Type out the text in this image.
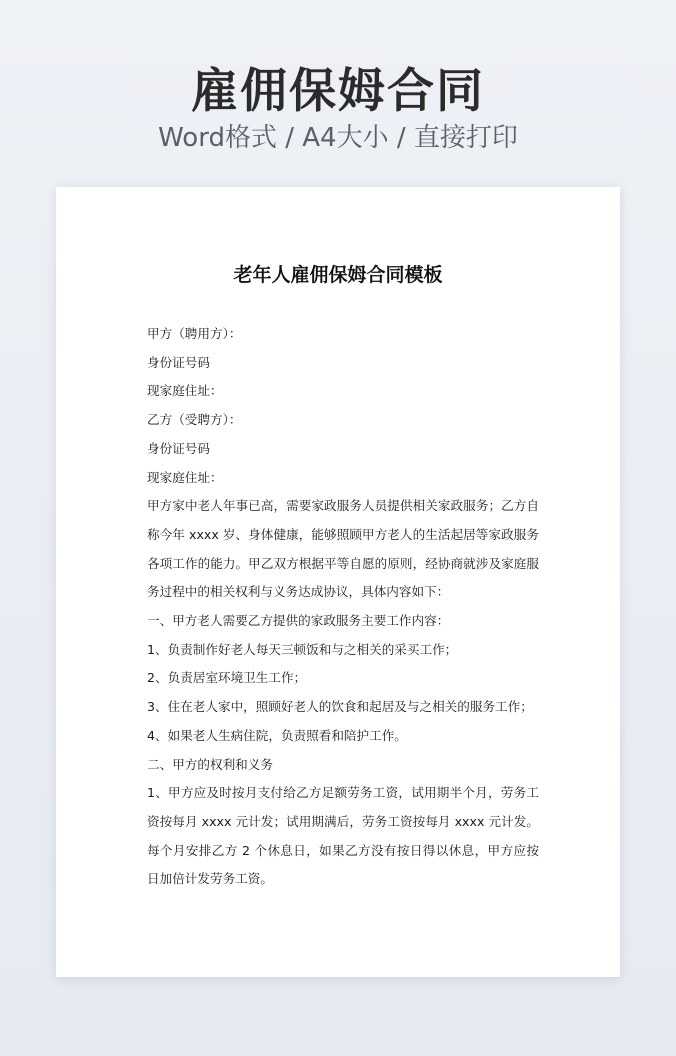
雇佣保姆合同
Word格式 / A4大小 / 直接打印
老年人雇佣保姆合同模板

甲方（聘用方）：

身份证号码

现家庭住址：

乙方（受聘方）：

身份证号码

现家庭住址：

甲方家中老人年事已高，需要家政服务人员提供相关家政服务；乙方自称今年 xxxx 岁、身体健康，能够照顾甲方老人的生活起居等家政服务各项工作的能力。甲乙双方根据平等自愿的原则，经协商就涉及家庭服务过程中的相关权利与义务达成协议，具体内容如下：

一、甲方老人需要乙方提供的家政服务主要工作内容：

1、负责制作好老人每天三顿饭和与之相关的采买工作；

2、负责居室环境卫生工作；

3、住在老人家中，照顾好老人的饮食和起居及与之相关的服务工作；

4、如果老人生病住院，负责照看和陪护工作。

二、甲方的权利和义务

1、甲方应及时按月支付给乙方足额劳务工资，试用期半个月，劳务工资按每月 xxxx 元计发；试用期满后，劳务工资按每月 xxxx 元计发。每个月安排乙方 2 个休息日，如果乙方没有按日得以休息，甲方应按日加倍计发劳务工资。
